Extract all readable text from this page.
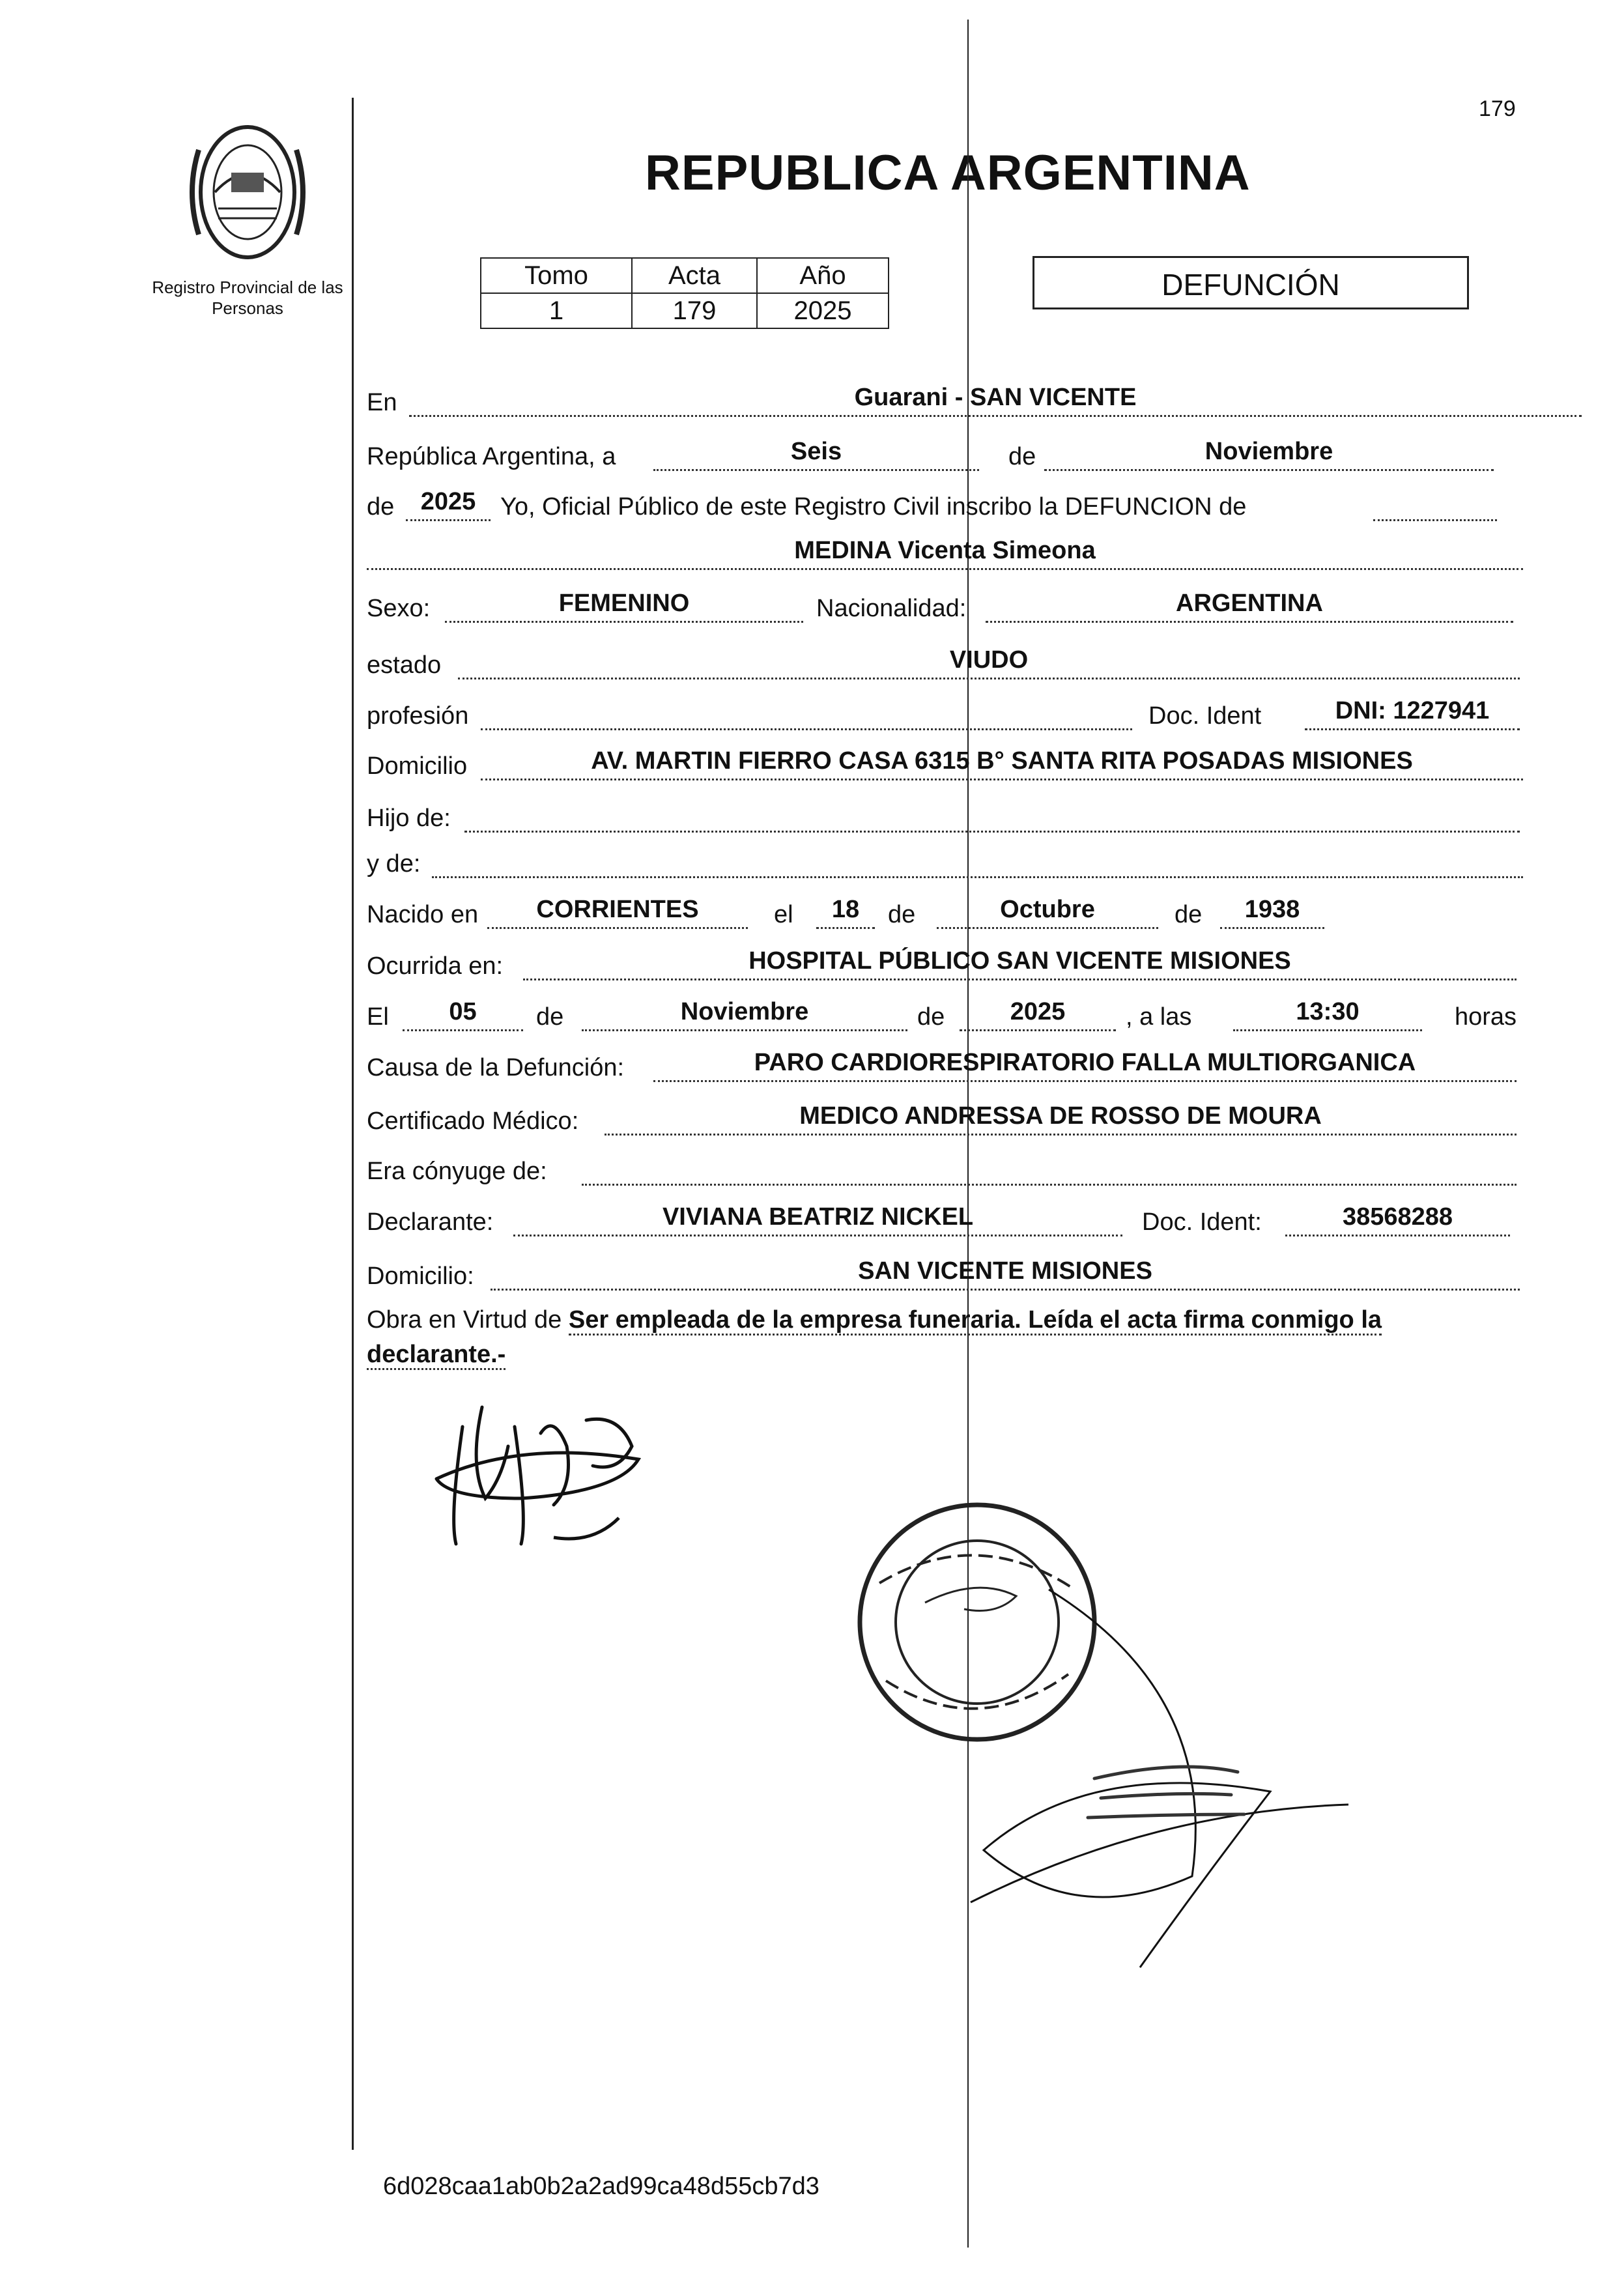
Registro Provincial de las Personas
179
REPUBLICA ARGENTINA
Tomo	Acta	Año
1	179	2025
DEFUNCIÓN
En	Guarani - SAN VICENTE
República Argentina, a	Seis	de	Noviembre
de	2025 Yo, Oficial Público de este Registro Civil inscribo la DEFUNCION de
MEDINA Vicenta Simeona
Sexo:	FEMENINO	Nacionalidad:	ARGENTINA
estado	VIUDO
profesión	Doc. Ident	DNI: 1227941
Domicilio	AV. MARTIN FIERRO CASA 6315 B° SANTA RITA POSADAS MISIONES
Hijo de:
y de:
Nacido en	CORRIENTES	el	18	de	Octubre	de	1938
Ocurrida en:	HOSPITAL PÚBLICO SAN VICENTE MISIONES
El	05	de	Noviembre	de	2025	, a las	13:30	horas
Causa de la Defunción:	PARO CARDIORESPIRATORIO FALLA MULTIORGANICA
Certificado Médico:	MEDICO ANDRESSA DE ROSSO DE MOURA
Era cónyuge de:
Declarante:	VIVIANA BEATRIZ NICKEL	Doc. Ident:	38568288
Domicilio:	SAN VICENTE MISIONES
Obra en Virtud de Ser empleada de la empresa funeraria. Leída el acta firma conmigo la
declarante.-
6d028caa1ab0b2a2ad99ca48d55cb7d3
